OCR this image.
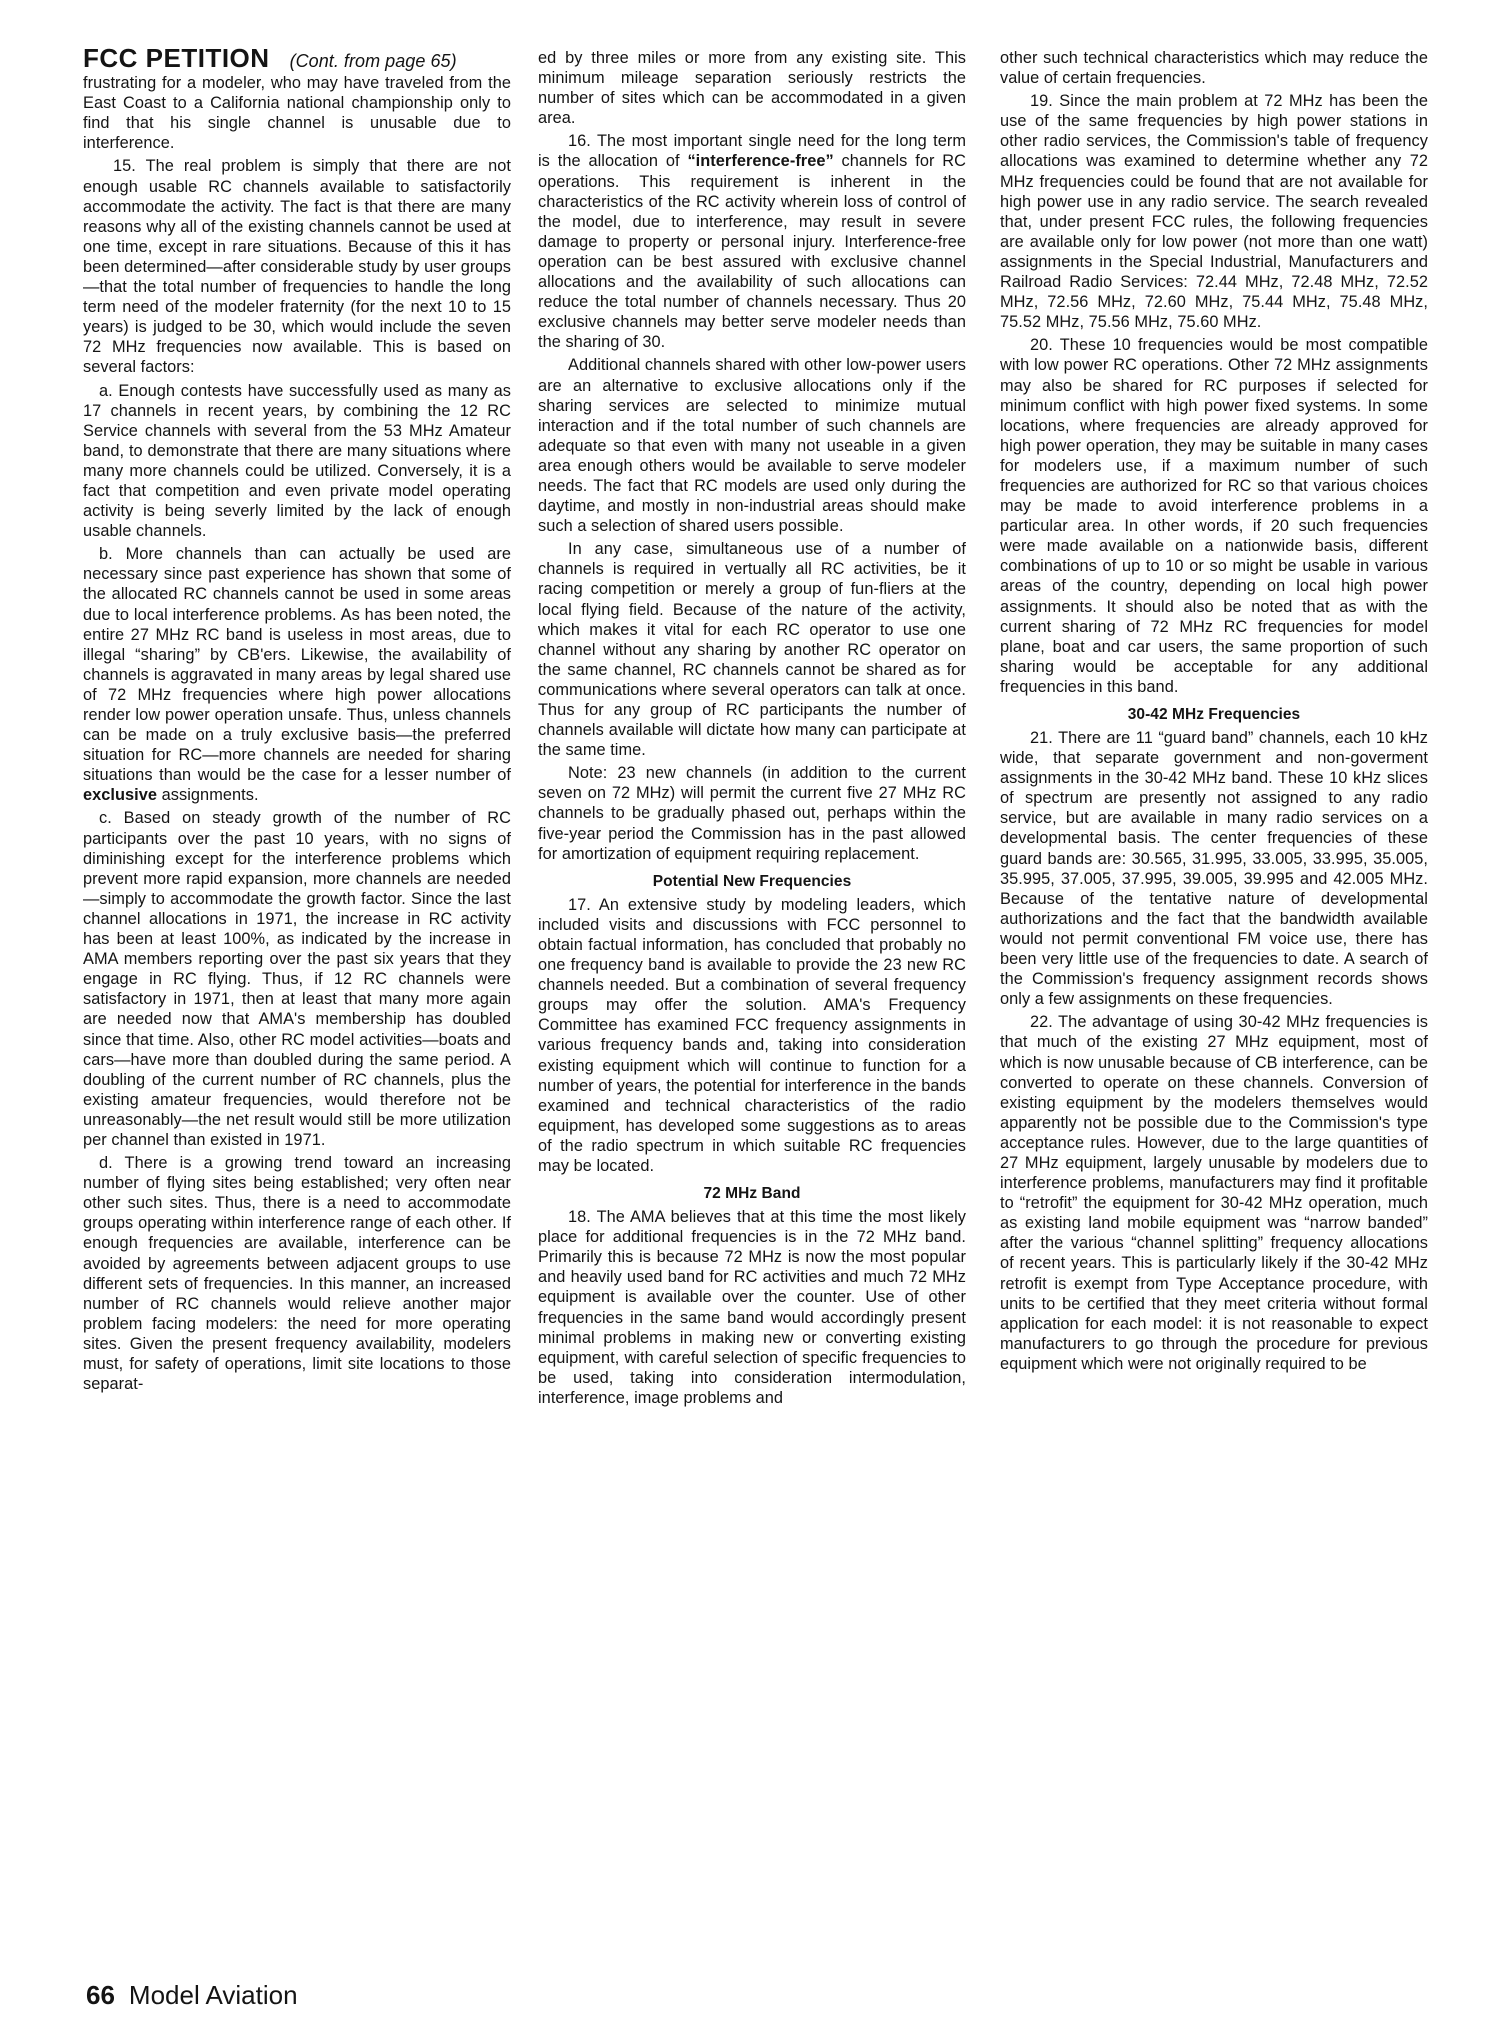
FCC PETITION (Cont. from page 65)

frustrating for a modeler, who may have traveled from the East Coast to a California national championship only to find that his single channel is unusable due to interference.

15. The real problem is simply that there are not enough usable RC channels available to satisfactorily accommodate the activity. The fact is that there are many reasons why all of the existing channels cannot be used at one time, except in rare situations. Because of this it has been determined—after considerable study by user groups—that the total number of frequencies to handle the long term need of the modeler fraternity (for the next 10 to 15 years) is judged to be 30, which would include the seven 72 MHz frequencies now available. This is based on several factors:

a. Enough contests have successfully used as many as 17 channels in recent years, by combining the 12 RC Service channels with several from the 53 MHz Amateur band, to demonstrate that there are many situations where many more channels could be utilized. Conversely, it is a fact that competition and even private model operating activity is being severly limited by the lack of enough usable channels.

b. More channels than can actually be used are necessary since past experience has shown that some of the allocated RC channels cannot be used in some areas due to local interference problems. As has been noted, the entire 27 MHz RC band is useless in most areas, due to illegal “sharing” by CB'ers. Likewise, the availability of channels is aggravated in many areas by legal shared use of 72 MHz frequencies where high power allocations render low power operation unsafe. Thus, unless channels can be made on a truly exclusive basis—the preferred situation for RC—more channels are needed for sharing situations than would be the case for a lesser number of exclusive assignments.

c. Based on steady growth of the number of RC participants over the past 10 years, with no signs of diminishing except for the interference problems which prevent more rapid expansion, more channels are needed—simply to accommodate the growth factor. Since the last channel allocations in 1971, the increase in RC activity has been at least 100%, as indicated by the increase in AMA members reporting over the past six years that they engage in RC flying. Thus, if 12 RC channels were satisfactory in 1971, then at least that many more again are needed now that AMA's membership has doubled since that time. Also, other RC model activities—boats and cars—have more than doubled during the same period. A doubling of the current number of RC channels, plus the existing amateur frequencies, would therefore not be unreasonably—the net result would still be more utilization per channel than existed in 1971.

d. There is a growing trend toward an increasing number of flying sites being established; very often near other such sites. Thus, there is a need to accommodate groups operating within interference range of each other. If enough frequencies are available, interference can be avoided by agreements between adjacent groups to use different sets of frequencies. In this manner, an increased number of RC channels would relieve another major problem facing modelers: the need for more operating sites. Given the present frequency availability, modelers must, for safety of operations, limit site locations to those separat-

ed by three miles or more from any existing site. This minimum mileage separation seriously restricts the number of sites which can be accommodated in a given area.

16. The most important single need for the long term is the allocation of “interference-free” channels for RC operations. This requirement is inherent in the characteristics of the RC activity wherein loss of control of the model, due to interference, may result in severe damage to property or personal injury. Interference-free operation can be best assured with exclusive channel allocations and the availability of such allocations can reduce the total number of channels necessary. Thus 20 exclusive channels may better serve modeler needs than the sharing of 30.

Additional channels shared with other low-power users are an alternative to exclusive allocations only if the sharing services are selected to minimize mutual interaction and if the total number of such channels are adequate so that even with many not useable in a given area enough others would be available to serve modeler needs. The fact that RC models are used only during the daytime, and mostly in non-industrial areas should make such a selection of shared users possible.

In any case, simultaneous use of a number of channels is required in vertually all RC activities, be it racing competition or merely a group of fun-fliers at the local flying field. Because of the nature of the activity, which makes it vital for each RC operator to use one channel without any sharing by another RC operator on the same channel, RC channels cannot be shared as for communications where several operators can talk at once. Thus for any group of RC participants the number of channels available will dictate how many can participate at the same time.

Note: 23 new channels (in addition to the current seven on 72 MHz) will permit the current five 27 MHz RC channels to be gradually phased out, perhaps within the five-year period the Commission has in the past allowed for amortization of equipment requiring replacement.

Potential New Frequencies

17. An extensive study by modeling leaders, which included visits and discussions with FCC personnel to obtain factual information, has concluded that probably no one frequency band is available to provide the 23 new RC channels needed. But a combination of several frequency groups may offer the solution. AMA's Frequency Committee has examined FCC frequency assignments in various frequency bands and, taking into consideration existing equipment which will continue to function for a number of years, the potential for interference in the bands examined and technical characteristics of the radio equipment, has developed some suggestions as to areas of the radio spectrum in which suitable RC frequencies may be located.

72 MHz Band

18. The AMA believes that at this time the most likely place for additional frequencies is in the 72 MHz band. Primarily this is because 72 MHz is now the most popular and heavily used band for RC activities and much 72 MHz equipment is available over the counter. Use of other frequencies in the same band would accordingly present minimal problems in making new or converting existing equipment, with careful selection of specific frequencies to be used, taking into consideration intermodulation, interference, image problems and

other such technical characteristics which may reduce the value of certain frequencies.

19. Since the main problem at 72 MHz has been the use of the same frequencies by high power stations in other radio services, the Commission's table of frequency allocations was examined to determine whether any 72 MHz frequencies could be found that are not available for high power use in any radio service. The search revealed that, under present FCC rules, the following frequencies are available only for low power (not more than one watt) assignments in the Special Industrial, Manufacturers and Railroad Radio Services: 72.44 MHz, 72.48 MHz, 72.52 MHz, 72.56 MHz, 72.60 MHz, 75.44 MHz, 75.48 MHz, 75.52 MHz, 75.56 MHz, 75.60 MHz.

20. These 10 frequencies would be most compatible with low power RC operations. Other 72 MHz assignments may also be shared for RC purposes if selected for minimum conflict with high power fixed systems. In some locations, where frequencies are already approved for high power operation, they may be suitable in many cases for modelers use, if a maximum number of such frequencies are authorized for RC so that various choices may be made to avoid interference problems in a particular area. In other words, if 20 such frequencies were made available on a nationwide basis, different combinations of up to 10 or so might be usable in various areas of the country, depending on local high power assignments. It should also be noted that as with the current sharing of 72 MHz RC frequencies for model plane, boat and car users, the same proportion of such sharing would be acceptable for any additional frequencies in this band.

30-42 MHz Frequencies

21. There are 11 “guard band” channels, each 10 kHz wide, that separate government and non-goverment assignments in the 30-42 MHz band. These 10 kHz slices of spectrum are presently not assigned to any radio service, but are available in many radio services on a developmental basis. The center frequencies of these guard bands are: 30.565, 31.995, 33.005, 33.995, 35.005, 35.995, 37.005, 37.995, 39.005, 39.995 and 42.005 MHz. Because of the tentative nature of developmental authorizations and the fact that the bandwidth available would not permit conventional FM voice use, there has been very little use of the frequencies to date. A search of the Commission's frequency assignment records shows only a few assignments on these frequencies.

22. The advantage of using 30-42 MHz frequencies is that much of the existing 27 MHz equipment, most of which is now unusable because of CB interference, can be converted to operate on these channels. Conversion of existing equipment by the modelers themselves would apparently not be possible due to the Commission's type acceptance rules. However, due to the large quantities of 27 MHz equipment, largely unusable by modelers due to interference problems, manufacturers may find it profitable to “retrofit” the equipment for 30-42 MHz operation, much as existing land mobile equipment was “narrow banded” after the various “channel splitting” frequency allocations of recent years. This is particularly likely if the 30-42 MHz retrofit is exempt from Type Acceptance procedure, with units to be certified that they meet criteria without formal application for each model: it is not reasonable to expect manufacturers to go through the procedure for previous equipment which were not originally required to be

66 Model Aviation
